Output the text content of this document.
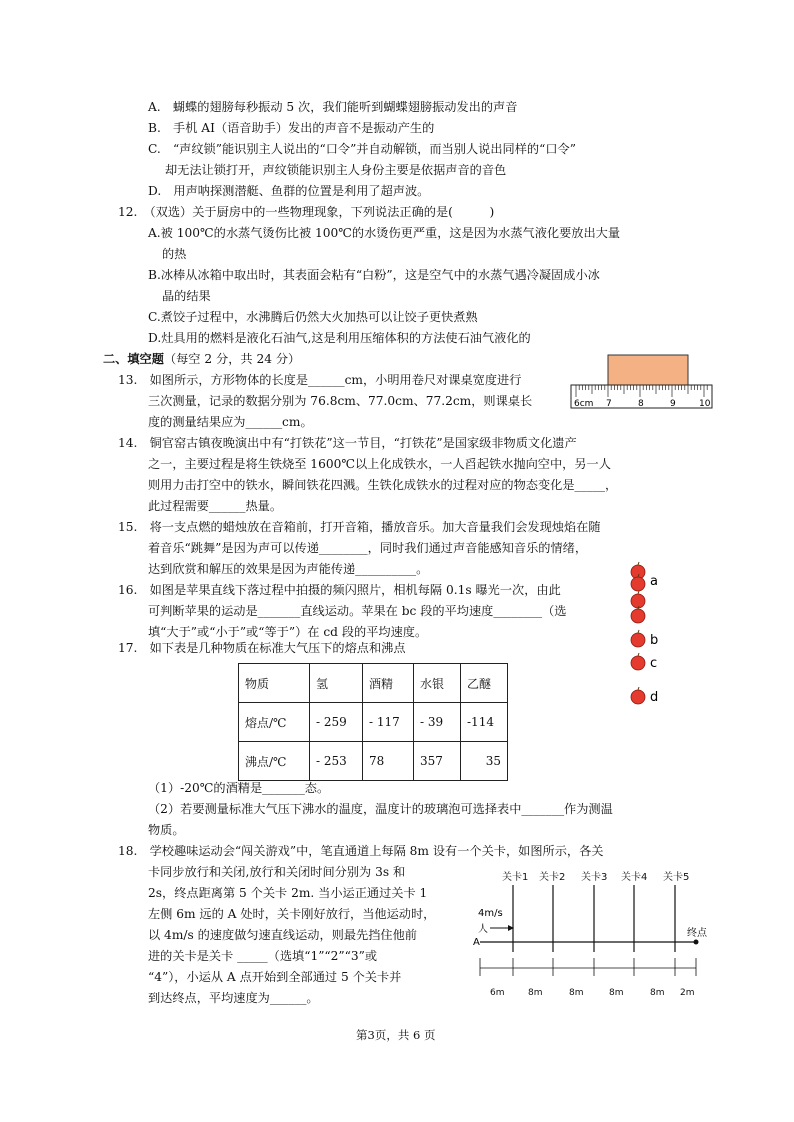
A.　蝴蝶的翅膀每秒振动 5 次，我们能听到蝴蝶翅膀振动发出的声音
B.　手机 AI（语音助手）发出的声音不是振动产生的
C.　“声纹锁”能识别主人说出的“口令”并自动解锁，而当别人说出同样的“口令”
却无法让锁打开，声纹锁能识别主人身份主要是依据声音的音色
D.　用声呐探测潜艇、鱼群的位置是利用了超声波。
12.　（双选）关于厨房中的一些物理现象，下列说法正确的是(　　　)
A.被 100℃的水蒸气烫伤比被 100℃的水烫伤更严重，这是因为水蒸气液化要放出大量
的热
B.冰棒从冰箱中取出时，其表面会粘有“白粉”，这是空气中的水蒸气遇冷凝固成小冰
晶的结果
C.煮饺子过程中，水沸腾后仍然大火加热可以让饺子更快煮熟
D.灶具用的燃料是液化石油气,这是利用压缩体积的方法使石油气液化的
二、填空题（每空 2 分，共 24 分）
13.　如图所示，方形物体的长度是______cm，小明用卷尺对课桌宽度进行
三次测量，记录的数据分别为 76.8cm、77.0cm、77.2cm，则课桌长
度的测量结果应为______cm。
6cm 7	8	9	10
14.　铜官窑古镇夜晚演出中有“打铁花”这一节目，“打铁花”是国家级非物质文化遗产
之一，主要过程是将生铁烧至 1600℃以上化成铁水，一人舀起铁水抛向空中，另一人
则用力击打空中的铁水，瞬间铁花四溅。生铁化成铁水的过程对应的物态变化是_____，
此过程需要______热量。
15.　将一支点燃的蜡烛放在音箱前，打开音箱，播放音乐。加大音量我们会发现烛焰在随
着音乐“跳舞”是因为声可以传递________，同时我们通过声音能感知音乐的情绪，
达到欣赏和解压的效果是因为声能传递__________。
16.　如图是苹果直线下落过程中拍摄的频闪照片，相机每隔 0.1s 曝光一次，由此
可判断苹果的运动是_______直线运动。苹果在 bc 段的平均速度________（选
填“大于”或“小于”或“等于”）在 cd 段的平均速度。
a
b
c
d
17.　如下表是几种物质在标准大气压下的熔点和沸点
物质	氢	酒精	水银	乙醚
熔点/℃	- 259	- 117	- 39	-114
沸点/℃	- 253	78	357	35
（1）-20℃的酒精是_______态。
（2）若要测量标准大气压下沸水的温度，温度计的玻璃泡可选择表中_______作为测温
物质。
18.　学校趣味运动会“闯关游戏”中，笔直通道上每隔 8m 设有一个关卡，如图所示，各关
卡同步放行和关闭,放行和关闭时间分别为 3s 和
2s，终点距离第 5 个关卡 2m. 当小运正通过关卡 1
左侧 6m 远的 A 处时，关卡刚好放行，当他运动时，
以 4m/s 的速度做匀速直线运动，则最先挡住他前
进的关卡是关卡 _____（选填“1”“2”“3”或
“4”），小运从 A 点开始到全部通过 5 个关卡并
到达终点，平均速度为______。
关卡1 关卡2 关卡3 关卡4 关卡5
4m/s
人
A
终点
6m	8m	8m	8m	8m 2m
第3页，共 6 页
